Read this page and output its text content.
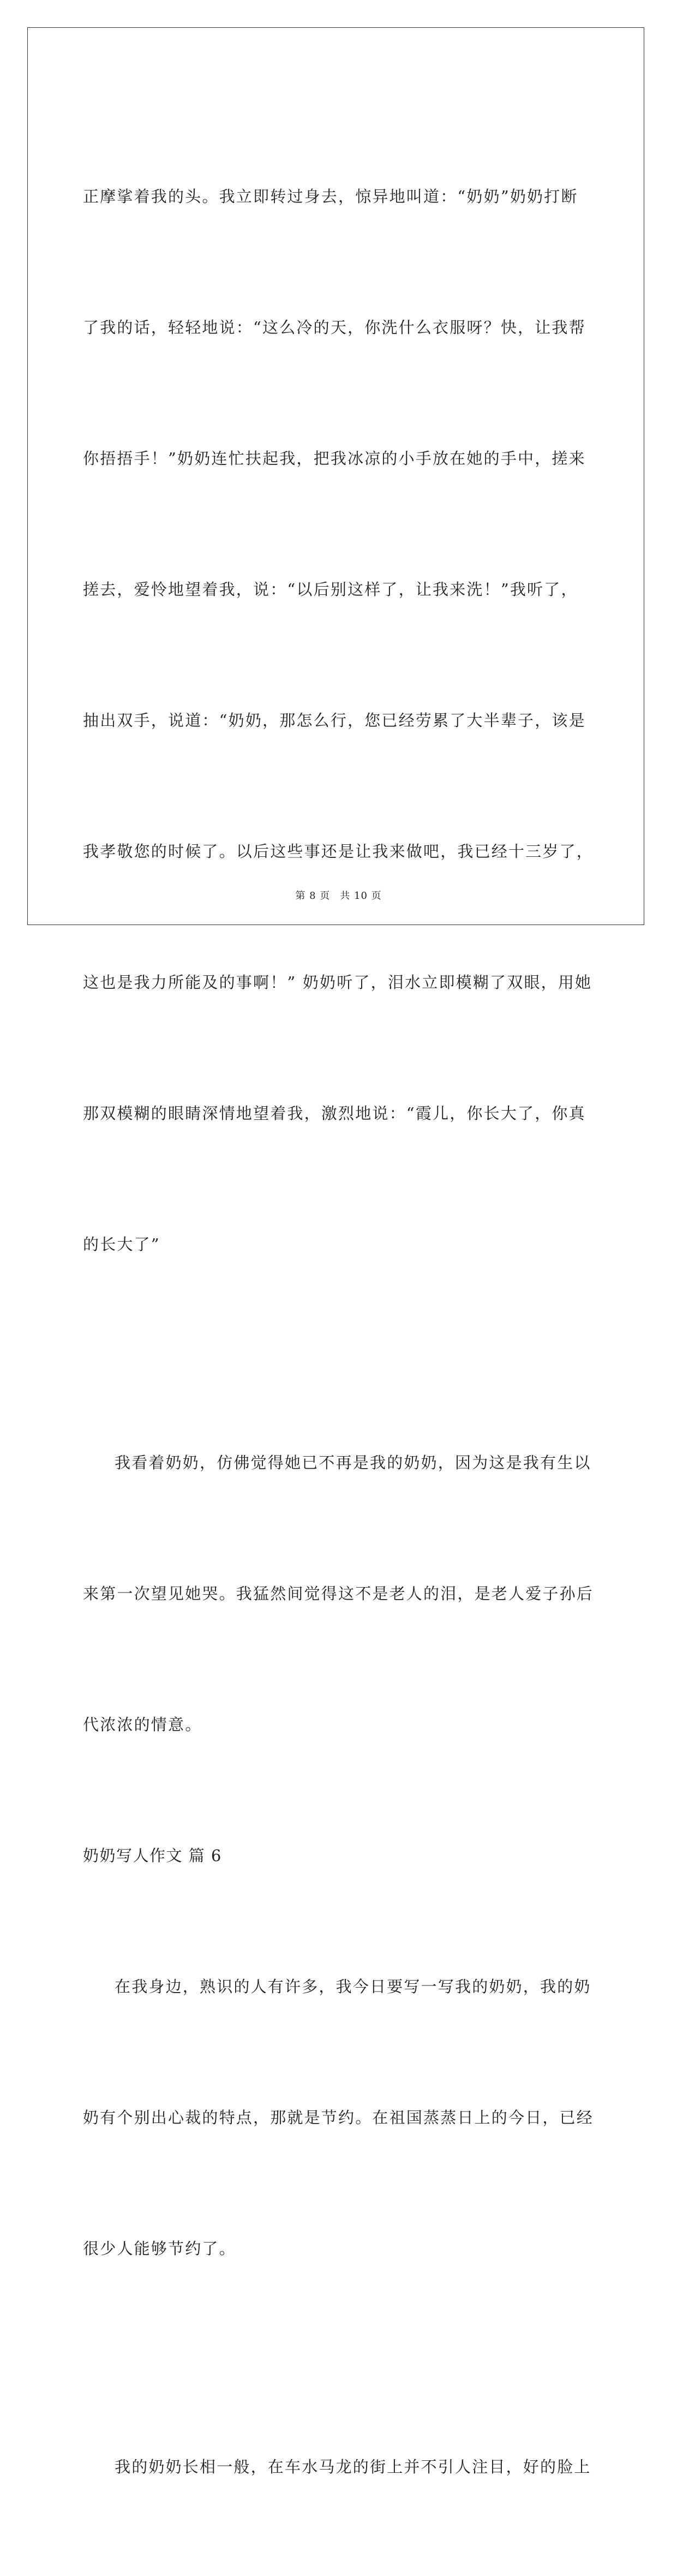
正摩挲着我的头。我立即转过身去，惊异地叫道：“奶奶”奶奶打断

了我的话，轻轻地说：“这么冷的天，你洗什么衣服呀？快，让我帮

你捂捂手！”奶奶连忙扶起我，把我冰凉的小手放在她的手中，搓来

搓去，爱怜地望着我，说：“以后别这样了，让我来洗！”我听了，

抽出双手，说道：“奶奶，那怎么行，您已经劳累了大半辈子，该是

我孝敬您的时候了。以后这些事还是让我来做吧，我已经十三岁了，

这也是我力所能及的事啊！” 奶奶听了，泪水立即模糊了双眼，用她

那双模糊的眼睛深情地望着我，激烈地说：“霞儿，你长大了，你真

的长大了”

我看着奶奶，仿佛觉得她已不再是我的奶奶，因为这是我有生以

来第一次望见她哭。我猛然间觉得这不是老人的泪，是老人爱子孙后

代浓浓的情意。

奶奶写人作文 篇 6

在我身边，熟识的人有许多，我今日要写一写我的奶奶，我的奶

奶有个别出心裁的特点，那就是节约。在祖国蒸蒸日上的今日，已经

很少人能够节约了。

我的奶奶长相一般，在车水马龙的街上并不引人注目，好的脸上

第 8 页 共 10 页
